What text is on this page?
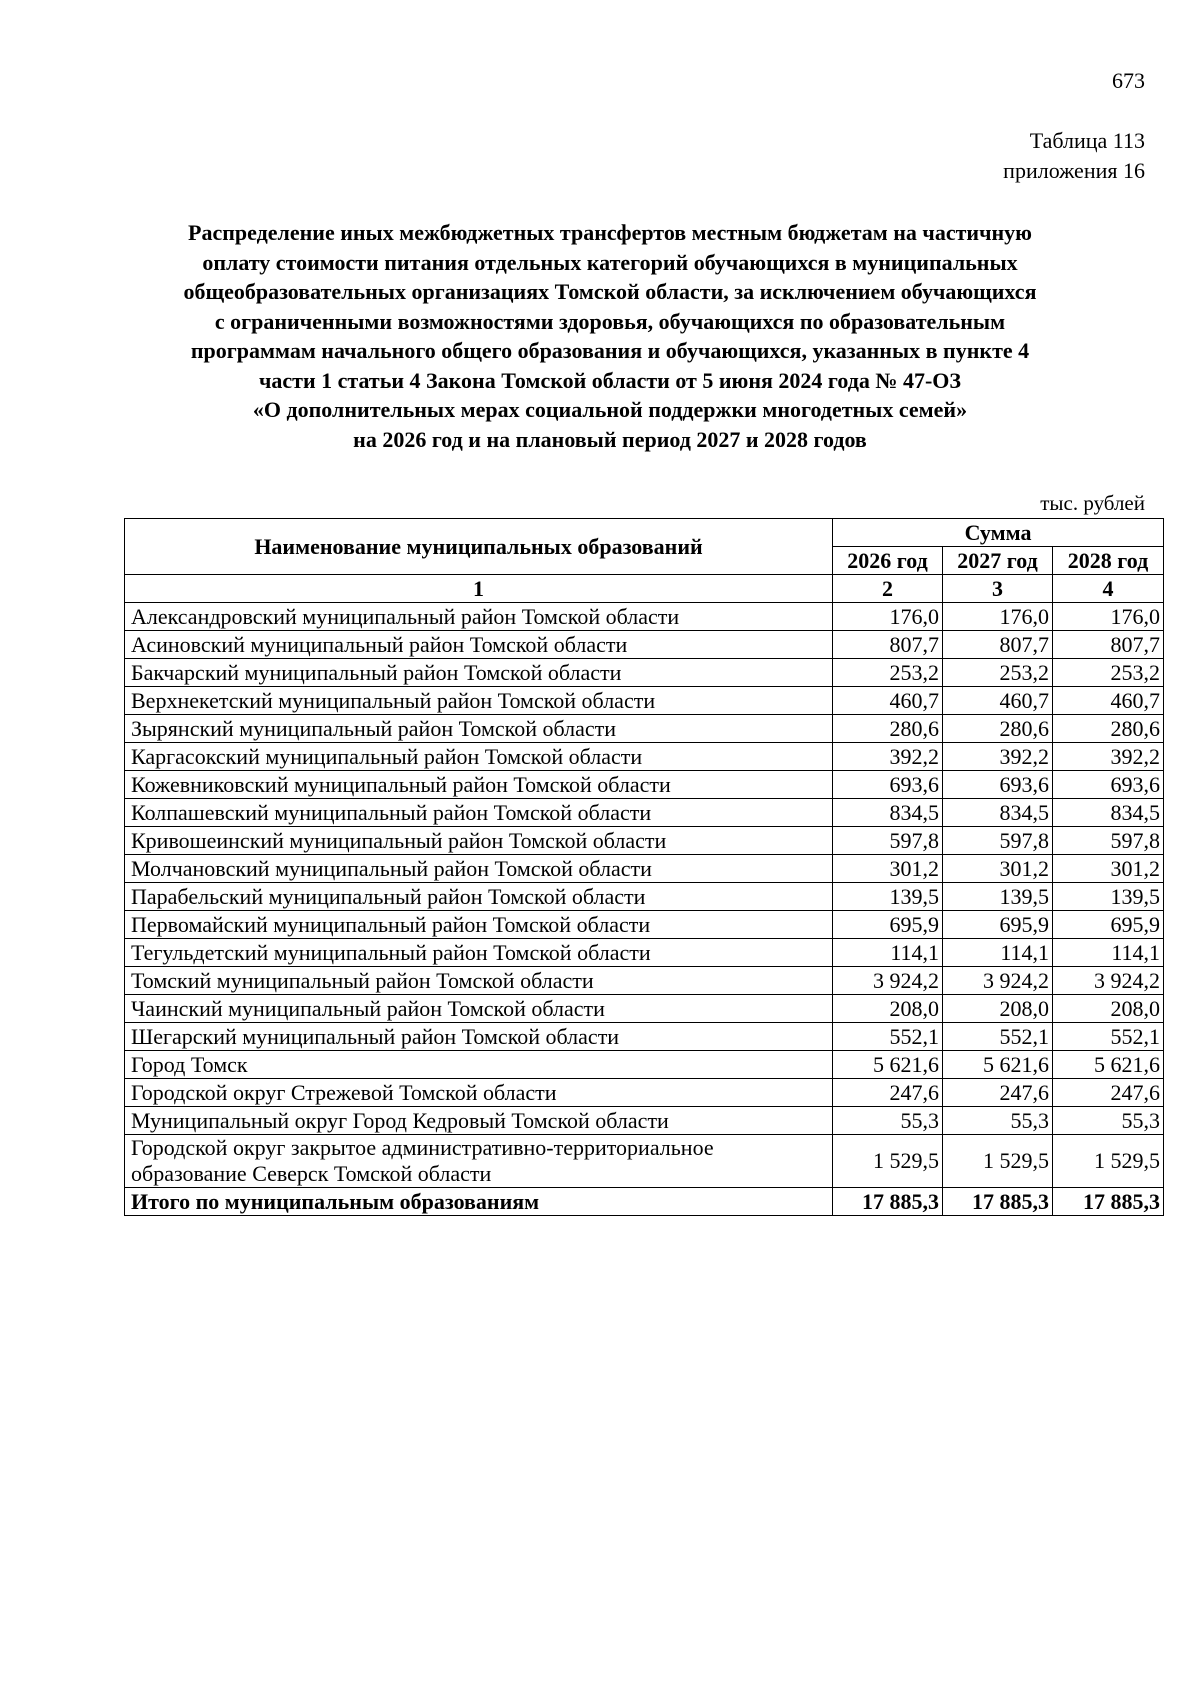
673
Таблица 113
приложения 16
Распределение иных межбюджетных трансфертов местным бюджетам на частичную
оплату стоимости питания отдельных категорий обучающихся в муниципальных
общеобразовательных организациях Томской области, за исключением обучающихся
с ограниченными возможностями здоровья, обучающихся по образовательным
программам начального общего образования и обучающихся, указанных в пункте 4
части 1 статьи 4 Закона Томской области от 5 июня 2024 года № 47-ОЗ
«О дополнительных мерах социальной поддержки многодетных семей»
на 2026 год и на плановый период 2027 и 2028 годов
тыс. рублей
Наименование муниципальных образований	Сумма		
	2026 год	2027 год	2028 год
1	2	3	4
Александровский муниципальный район Томской области	176,0	176,0	176,0
Асиновский муниципальный район Томской области	807,7	807,7	807,7
Бакчарский муниципальный район Томской области	253,2	253,2	253,2
Верхнекетский муниципальный район Томской области	460,7	460,7	460,7
Зырянский муниципальный район Томской области	280,6	280,6	280,6
Каргасокский муниципальный район Томской области	392,2	392,2	392,2
Кожевниковский муниципальный район Томской области	693,6	693,6	693,6
Колпашевский муниципальный район Томской области	834,5	834,5	834,5
Кривошеинский муниципальный район Томской области	597,8	597,8	597,8
Молчановский муниципальный район Томской области	301,2	301,2	301,2
Парабельский муниципальный район Томской области	139,5	139,5	139,5
Первомайский муниципальный район Томской области	695,9	695,9	695,9
Тегульдетский муниципальный район Томской области	114,1	114,1	114,1
Томский муниципальный район Томской области	3 924,2	3 924,2	3 924,2
Чаинский муниципальный район Томской области	208,0	208,0	208,0
Шегарский муниципальный район Томской области	552,1	552,1	552,1
Город Томск	5 621,6	5 621,6	5 621,6
Городской округ Стрежевой Томской области	247,6	247,6	247,6
Муниципальный округ Город Кедровый Томской области	55,3	55,3	55,3
Городской округ закрытое административно-территориальное образование Северск Томской области	1 529,5	1 529,5	1 529,5
Итого по муниципальным образованиям	17 885,3	17 885,3	17 885,3
